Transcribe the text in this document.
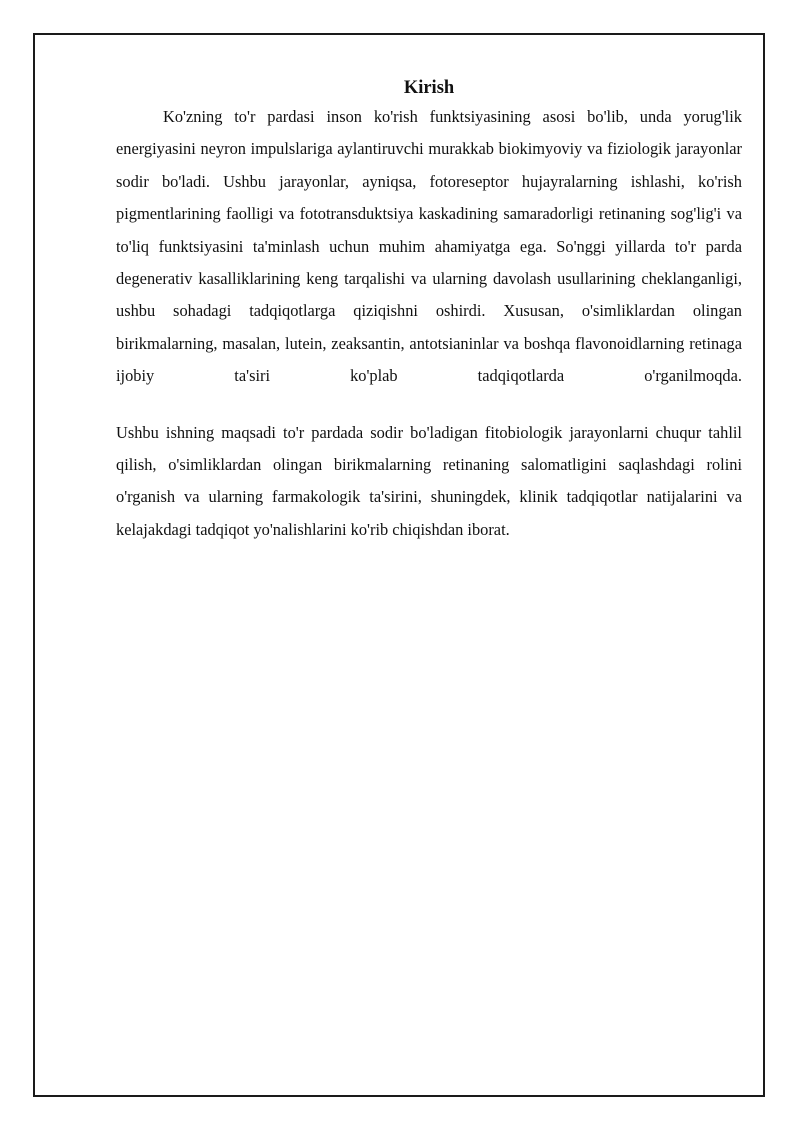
Kirish

Ko'zning to'r pardasi inson ko'rish funktsiyasining asosi bo'lib, unda yorug'lik energiyasini neyron impulslariga aylantiruvchi murakkab biokimyoviy va fiziologik jarayonlar sodir bo'ladi. Ushbu jarayonlar, ayniqsa, fotoreseptor hujayralarning ishlashi, ko'rish pigmentlarining faolligi va fototransduktsiya kaskadining samaradorligi retinaning sog'lig'i va to'liq funktsiyasini ta'minlash uchun muhim ahamiyatga ega. So'nggi yillarda to'r parda degenerativ kasalliklarining keng tarqalishi va ularning davolash usullarining cheklanganligi, ushbu sohadagi tadqiqotlarga qiziqishni oshirdi. Xususan, o'simliklardan olingan birikmalarning, masalan, lutein, zeaksantin, antotsianinlar va boshqa flavonoidlarning retinaga ijobiy ta'siri ko'plab tadqiqotlarda o'rganilmoqda.

Ushbu ishning maqsadi to'r pardada sodir bo'ladigan fitobiologik jarayonlarni chuqur tahlil qilish, o'simliklardan olingan birikmalarning retinaning salomatligini saqlashdagi rolini o'rganish va ularning farmakologik ta'sirini, shuningdek, klinik tadqiqotlar natijalarini va kelajakdagi tadqiqot yo'nalishlarini ko'rib chiqishdan iborat.
